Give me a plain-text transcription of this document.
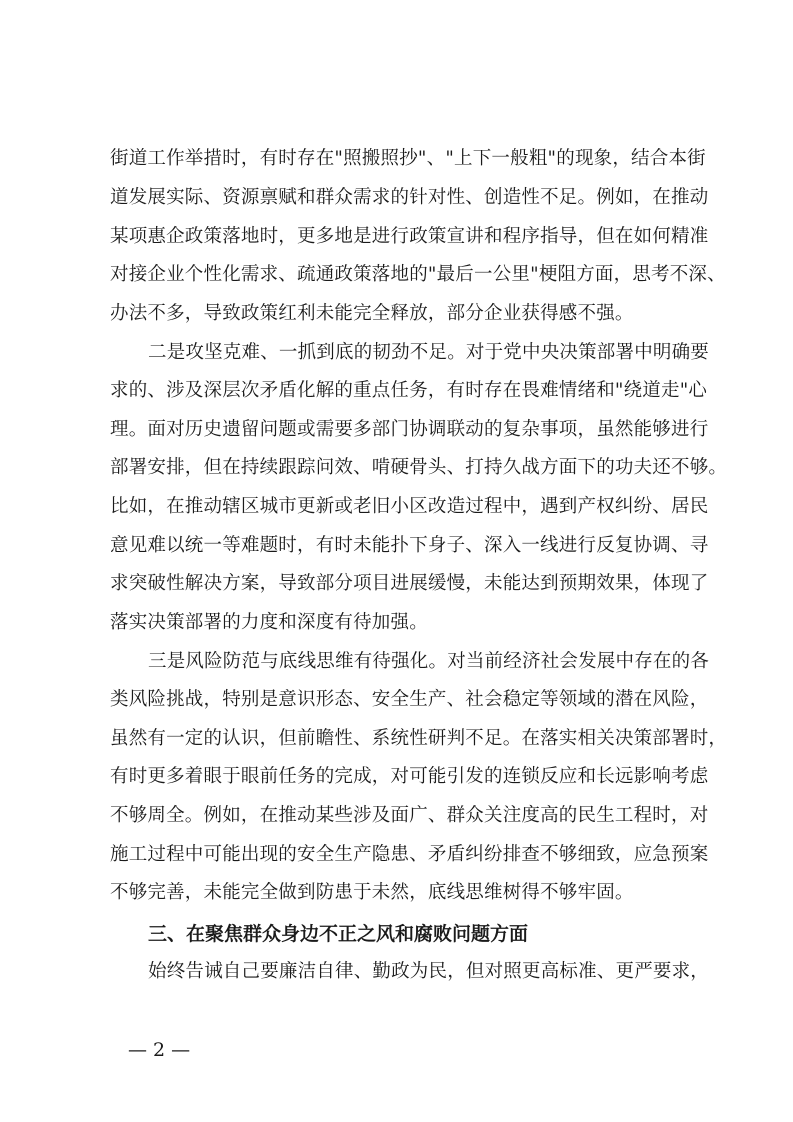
街道工作举措时，有时存在"照搬照抄"、"上下一般粗"的现象，结合本街
道发展实际、资源禀赋和群众需求的针对性、创造性不足。例如，在推动
某项惠企政策落地时，更多地是进行政策宣讲和程序指导，但在如何精准
对接企业个性化需求、疏通政策落地的"最后一公里"梗阻方面，思考不深、
办法不多，导致政策红利未能完全释放，部分企业获得感不强。
二是攻坚克难、一抓到底的韧劲不足。对于党中央决策部署中明确要
求的、涉及深层次矛盾化解的重点任务，有时存在畏难情绪和"绕道走"心
理。面对历史遗留问题或需要多部门协调联动的复杂事项，虽然能够进行
部署安排，但在持续跟踪问效、啃硬骨头、打持久战方面下的功夫还不够。
比如，在推动辖区城市更新或老旧小区改造过程中，遇到产权纠纷、居民
意见难以统一等难题时，有时未能扑下身子、深入一线进行反复协调、寻
求突破性解决方案，导致部分项目进展缓慢，未能达到预期效果，体现了
落实决策部署的力度和深度有待加强。
三是风险防范与底线思维有待强化。对当前经济社会发展中存在的各
类风险挑战，特别是意识形态、安全生产、社会稳定等领域的潜在风险，
虽然有一定的认识，但前瞻性、系统性研判不足。在落实相关决策部署时，
有时更多着眼于眼前任务的完成，对可能引发的连锁反应和长远影响考虑
不够周全。例如，在推动某些涉及面广、群众关注度高的民生工程时，对
施工过程中可能出现的安全生产隐患、矛盾纠纷排查不够细致，应急预案
不够完善，未能完全做到防患于未然，底线思维树得不够牢固。
三、在聚焦群众身边不正之风和腐败问题方面
始终告诫自己要廉洁自律、勤政为民，但对照更高标准、更严要求，
— 2 —
